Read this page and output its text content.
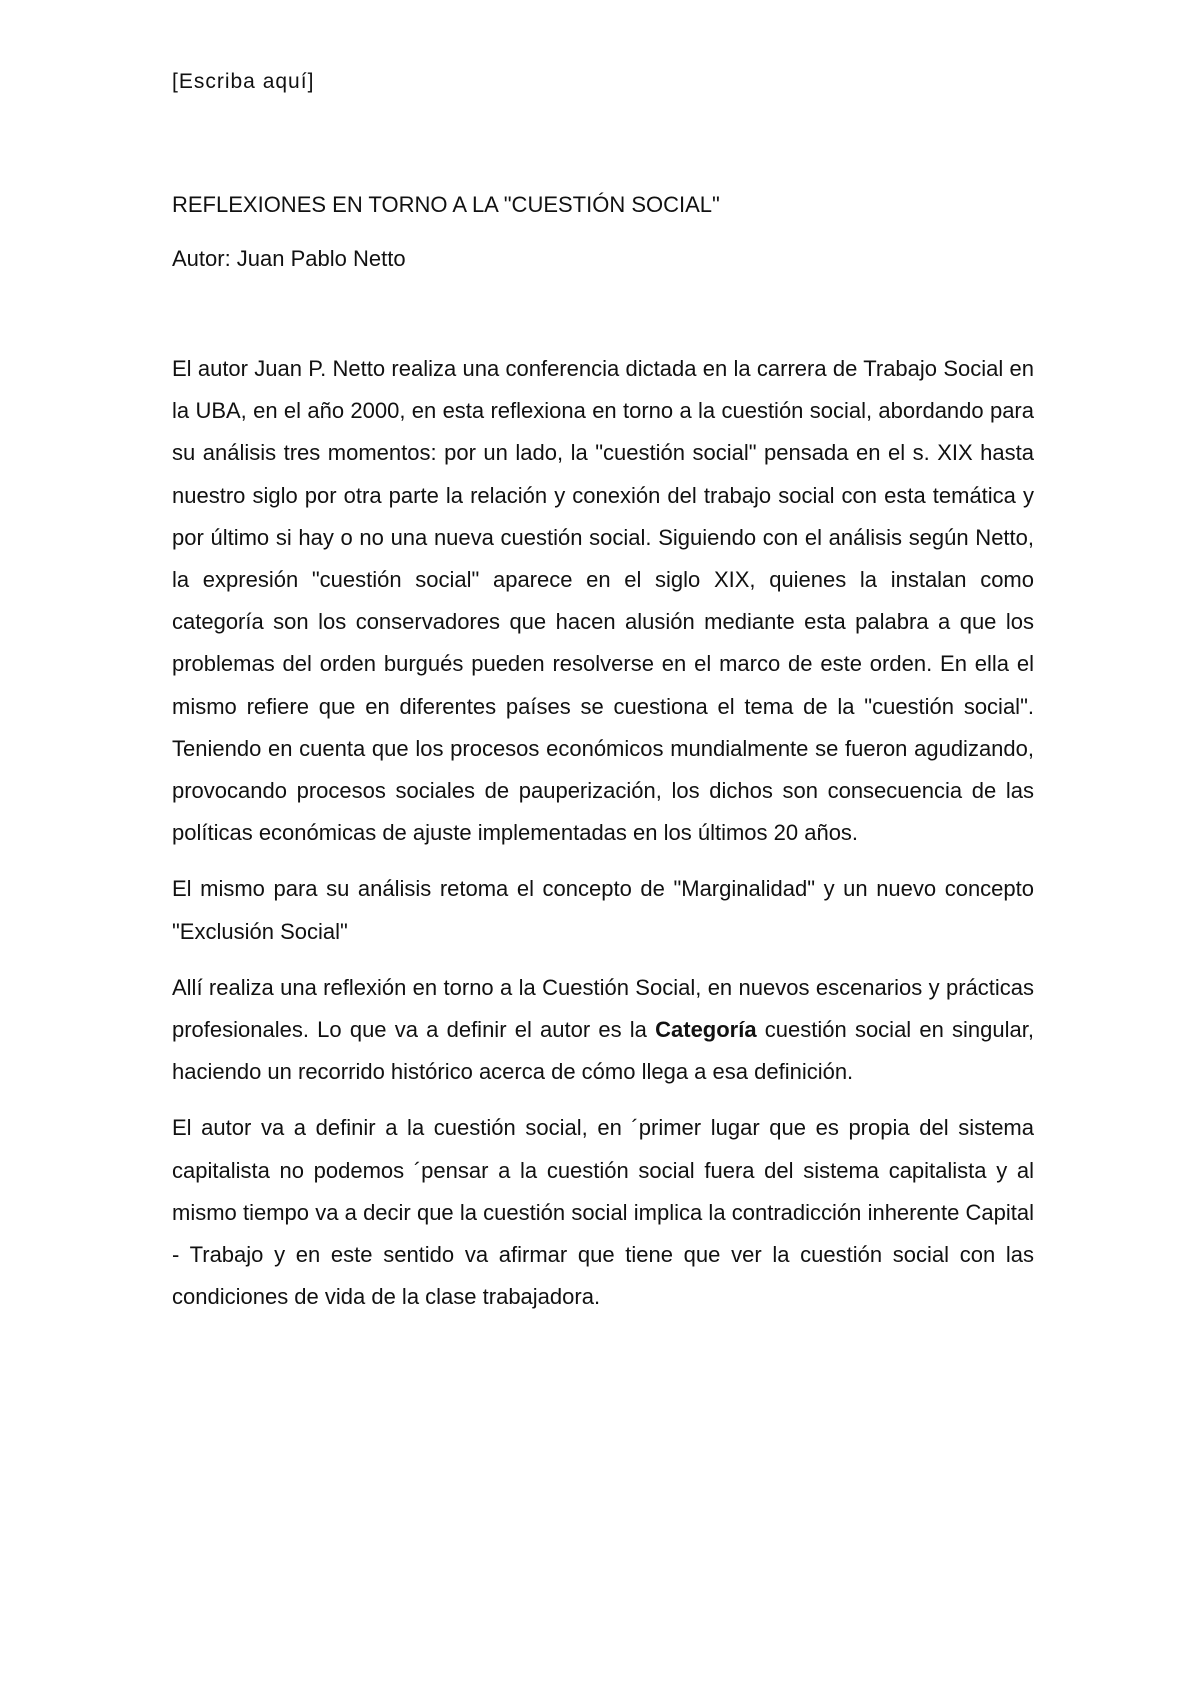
[Escriba aquí]
REFLEXIONES EN TORNO A LA "CUESTIÓN SOCIAL"

Autor: Juan Pablo Netto

El autor Juan P. Netto realiza una conferencia dictada en la carrera de Trabajo Social en la UBA, en el año 2000, en esta reflexiona en torno a la cuestión social, abordando para su análisis tres momentos: por un lado, la "cuestión social" pensada en el s. XIX hasta nuestro siglo por otra parte la relación y conexión del trabajo social con esta temática y por último si hay o no una nueva cuestión social. Siguiendo con el análisis según Netto, la expresión "cuestión social" aparece en el siglo XIX, quienes la instalan como categoría son los conservadores que hacen alusión mediante esta palabra a que los problemas del orden burgués pueden resolverse en el marco de este orden. En ella el mismo refiere que en diferentes países se cuestiona el tema de la "cuestión social". Teniendo en cuenta que los procesos económicos mundialmente se fueron agudizando, provocando procesos sociales de pauperización, los dichos son consecuencia de las políticas económicas de ajuste implementadas en los últimos 20 años.

El mismo para su análisis retoma el concepto de "Marginalidad" y un nuevo concepto "Exclusión Social"

Allí realiza una reflexión en torno a la Cuestión Social, en nuevos escenarios y prácticas profesionales. Lo que va a definir el autor es la Categoría cuestión social en singular, haciendo un recorrido histórico acerca de cómo llega a esa definición.

El autor va a definir a la cuestión social, en ´primer lugar que es propia del sistema capitalista no podemos ´pensar a la cuestión social fuera del sistema capitalista y al mismo tiempo va a decir que la cuestión social implica la contradicción inherente Capital - Trabajo y en este sentido va afirmar que tiene que ver la cuestión social con las condiciones de vida de la clase trabajadora.
